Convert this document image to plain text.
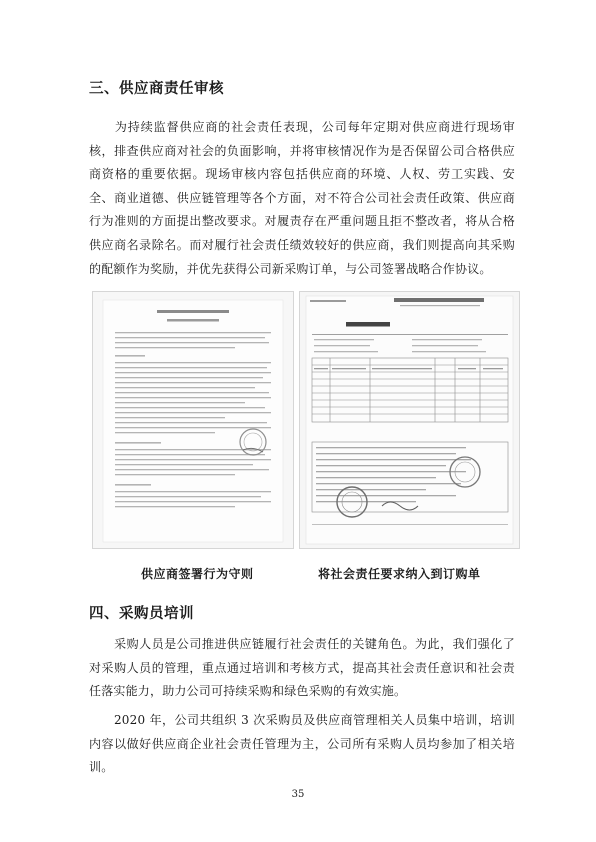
三、供应商责任审核

　　为持续监督供应商的社会责任表现，公司每年定期对供应商进行现场审核，排查供应商对社会的负面影响，并将审核情况作为是否保留公司合格供应商资格的重要依据。现场审核内容包括供应商的环境、人权、劳工实践、安全、商业道德、供应链管理等各个方面，对不符合公司社会责任政策、供应商行为准则的方面提出整改要求。对履责存在严重问题且拒不整改者，将从合格供应商名录除名。而对履行社会责任绩效较好的供应商，我们则提高向其采购的配额作为奖励，并优先获得公司新采购订单，与公司签署战略合作协议。

供应商签署行为守则	将社会责任要求纳入到订购单
四、采购员培训

　　采购人员是公司推进供应链履行社会责任的关键角色。为此，我们强化了对采购人员的管理，重点通过培训和考核方式，提高其社会责任意识和社会责任落实能力，助力公司可持续采购和绿色采购的有效实施。

　　2020 年，公司共组织 3 次采购员及供应商管理相关人员集中培训，培训内容以做好供应商企业社会责任管理为主，公司所有采购人员均参加了相关培训。

35
